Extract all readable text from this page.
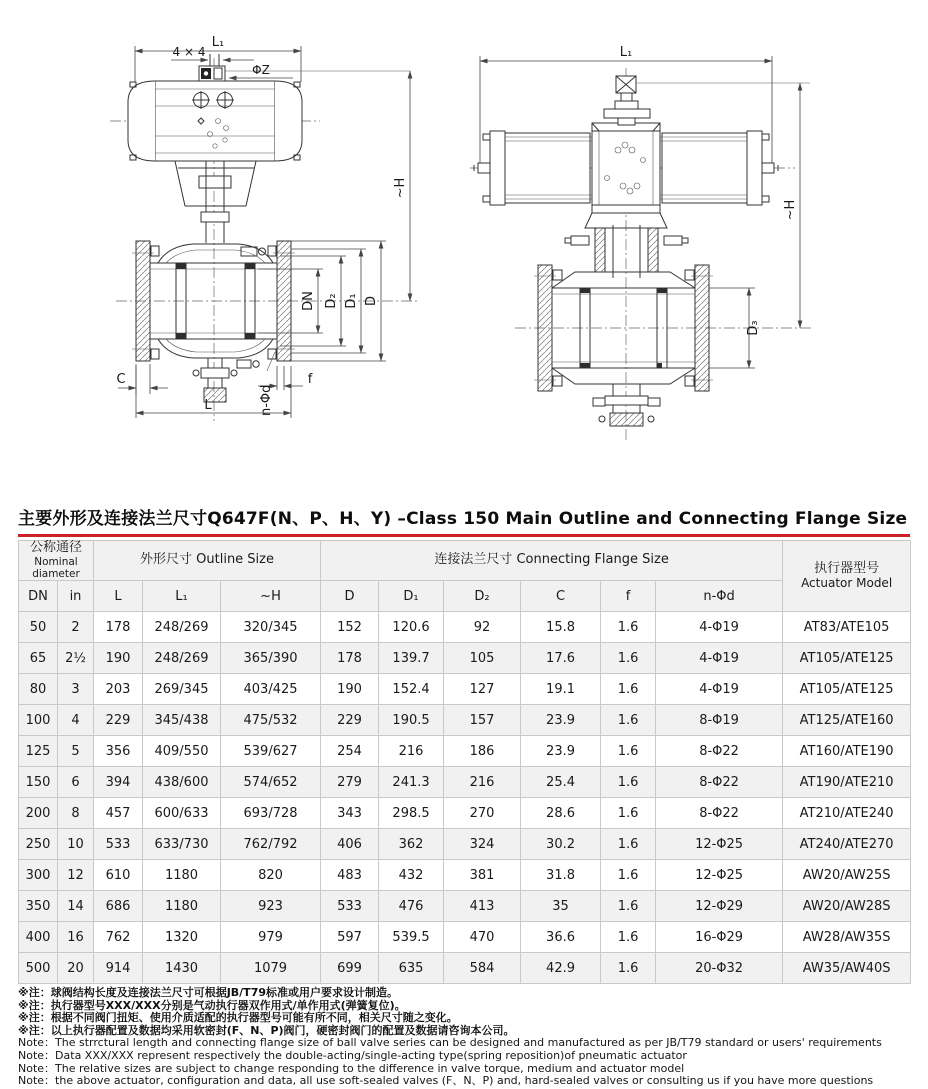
L₁
4 × 4
ΦZ
~H
DN D₂ D₁ D
C	f
n-Φd
L
L₁
~H
D₃
主要外形及连接法兰尺寸Q647F(N、P、H、Y) –Class 150 Main Outline and Connecting Flange Size
公称通径
Nominal diameter		外形尺寸 Outline Size			连接法兰尺寸 Connecting Flange Size						执行器型号
Actuator Model

DN	in	L	L₁	~H	D	D₁	D₂	C	f	n-Φd	
50	2	178	248/269	320/345	152	120.6	92	15.8	1.6	4-Φ19	AT83/ATE105
65	2½	190	248/269	365/390	178	139.7	105	17.6	1.6	4-Φ19	AT105/ATE125
80	3	203	269/345	403/425	190	152.4	127	19.1	1.6	4-Φ19	AT105/ATE125
100	4	229	345/438	475/532	229	190.5	157	23.9	1.6	8-Φ19	AT125/ATE160
125	5	356	409/550	539/627	254	216	186	23.9	1.6	8-Φ22	AT160/ATE190
150	6	394	438/600	574/652	279	241.3	216	25.4	1.6	8-Φ22	AT190/ATE210
200	8	457	600/633	693/728	343	298.5	270	28.6	1.6	8-Φ22	AT210/ATE240
250	10	533	633/730	762/792	406	362	324	30.2	1.6	12-Φ25	AT240/ATE270
300	12	610	1180	820	483	432	381	31.8	1.6	12-Φ25	AW20/AW25S
350	14	686	1180	923	533	476	413	35	1.6	12-Φ29	AW20/AW28S
400	16	762	1320	979	597	539.5	470	36.6	1.6	16-Φ29	AW28/AW35S
500	20	914	1430	1079	699	635	584	42.9	1.6	20-Φ32	AW35/AW40S
※注：球阀结构长度及连接法兰尺寸可根据JB/T79标准或用户要求设计制造。
※注：执行器型号XXX/XXX分别是气动执行器双作用式/单作用式(弹簧复位)。
※注：根据不同阀门扭矩、使用介质适配的执行器型号可能有所不同，相关尺寸随之变化。
※注：以上执行器配置及数据均采用软密封(F、N、P)阀门，硬密封阀门的配置及数据请咨询本公司。
Note：The strrctural length and connecting flange size of ball valve series can be designed and manufactured as per JB/T79 standard or users' requirements
Note：Data XXX/XXX represent respectively the double-acting/single-acting type(spring reposition)of pneumatic actuator
Note：The relative sizes are subject to change responding to the difference in valve torque, medium and actuator model
Note：the above actuator, configuration and data, all use soft-sealed valves (F、N、P) and, hard-sealed valves or consulting us if you have more questions
